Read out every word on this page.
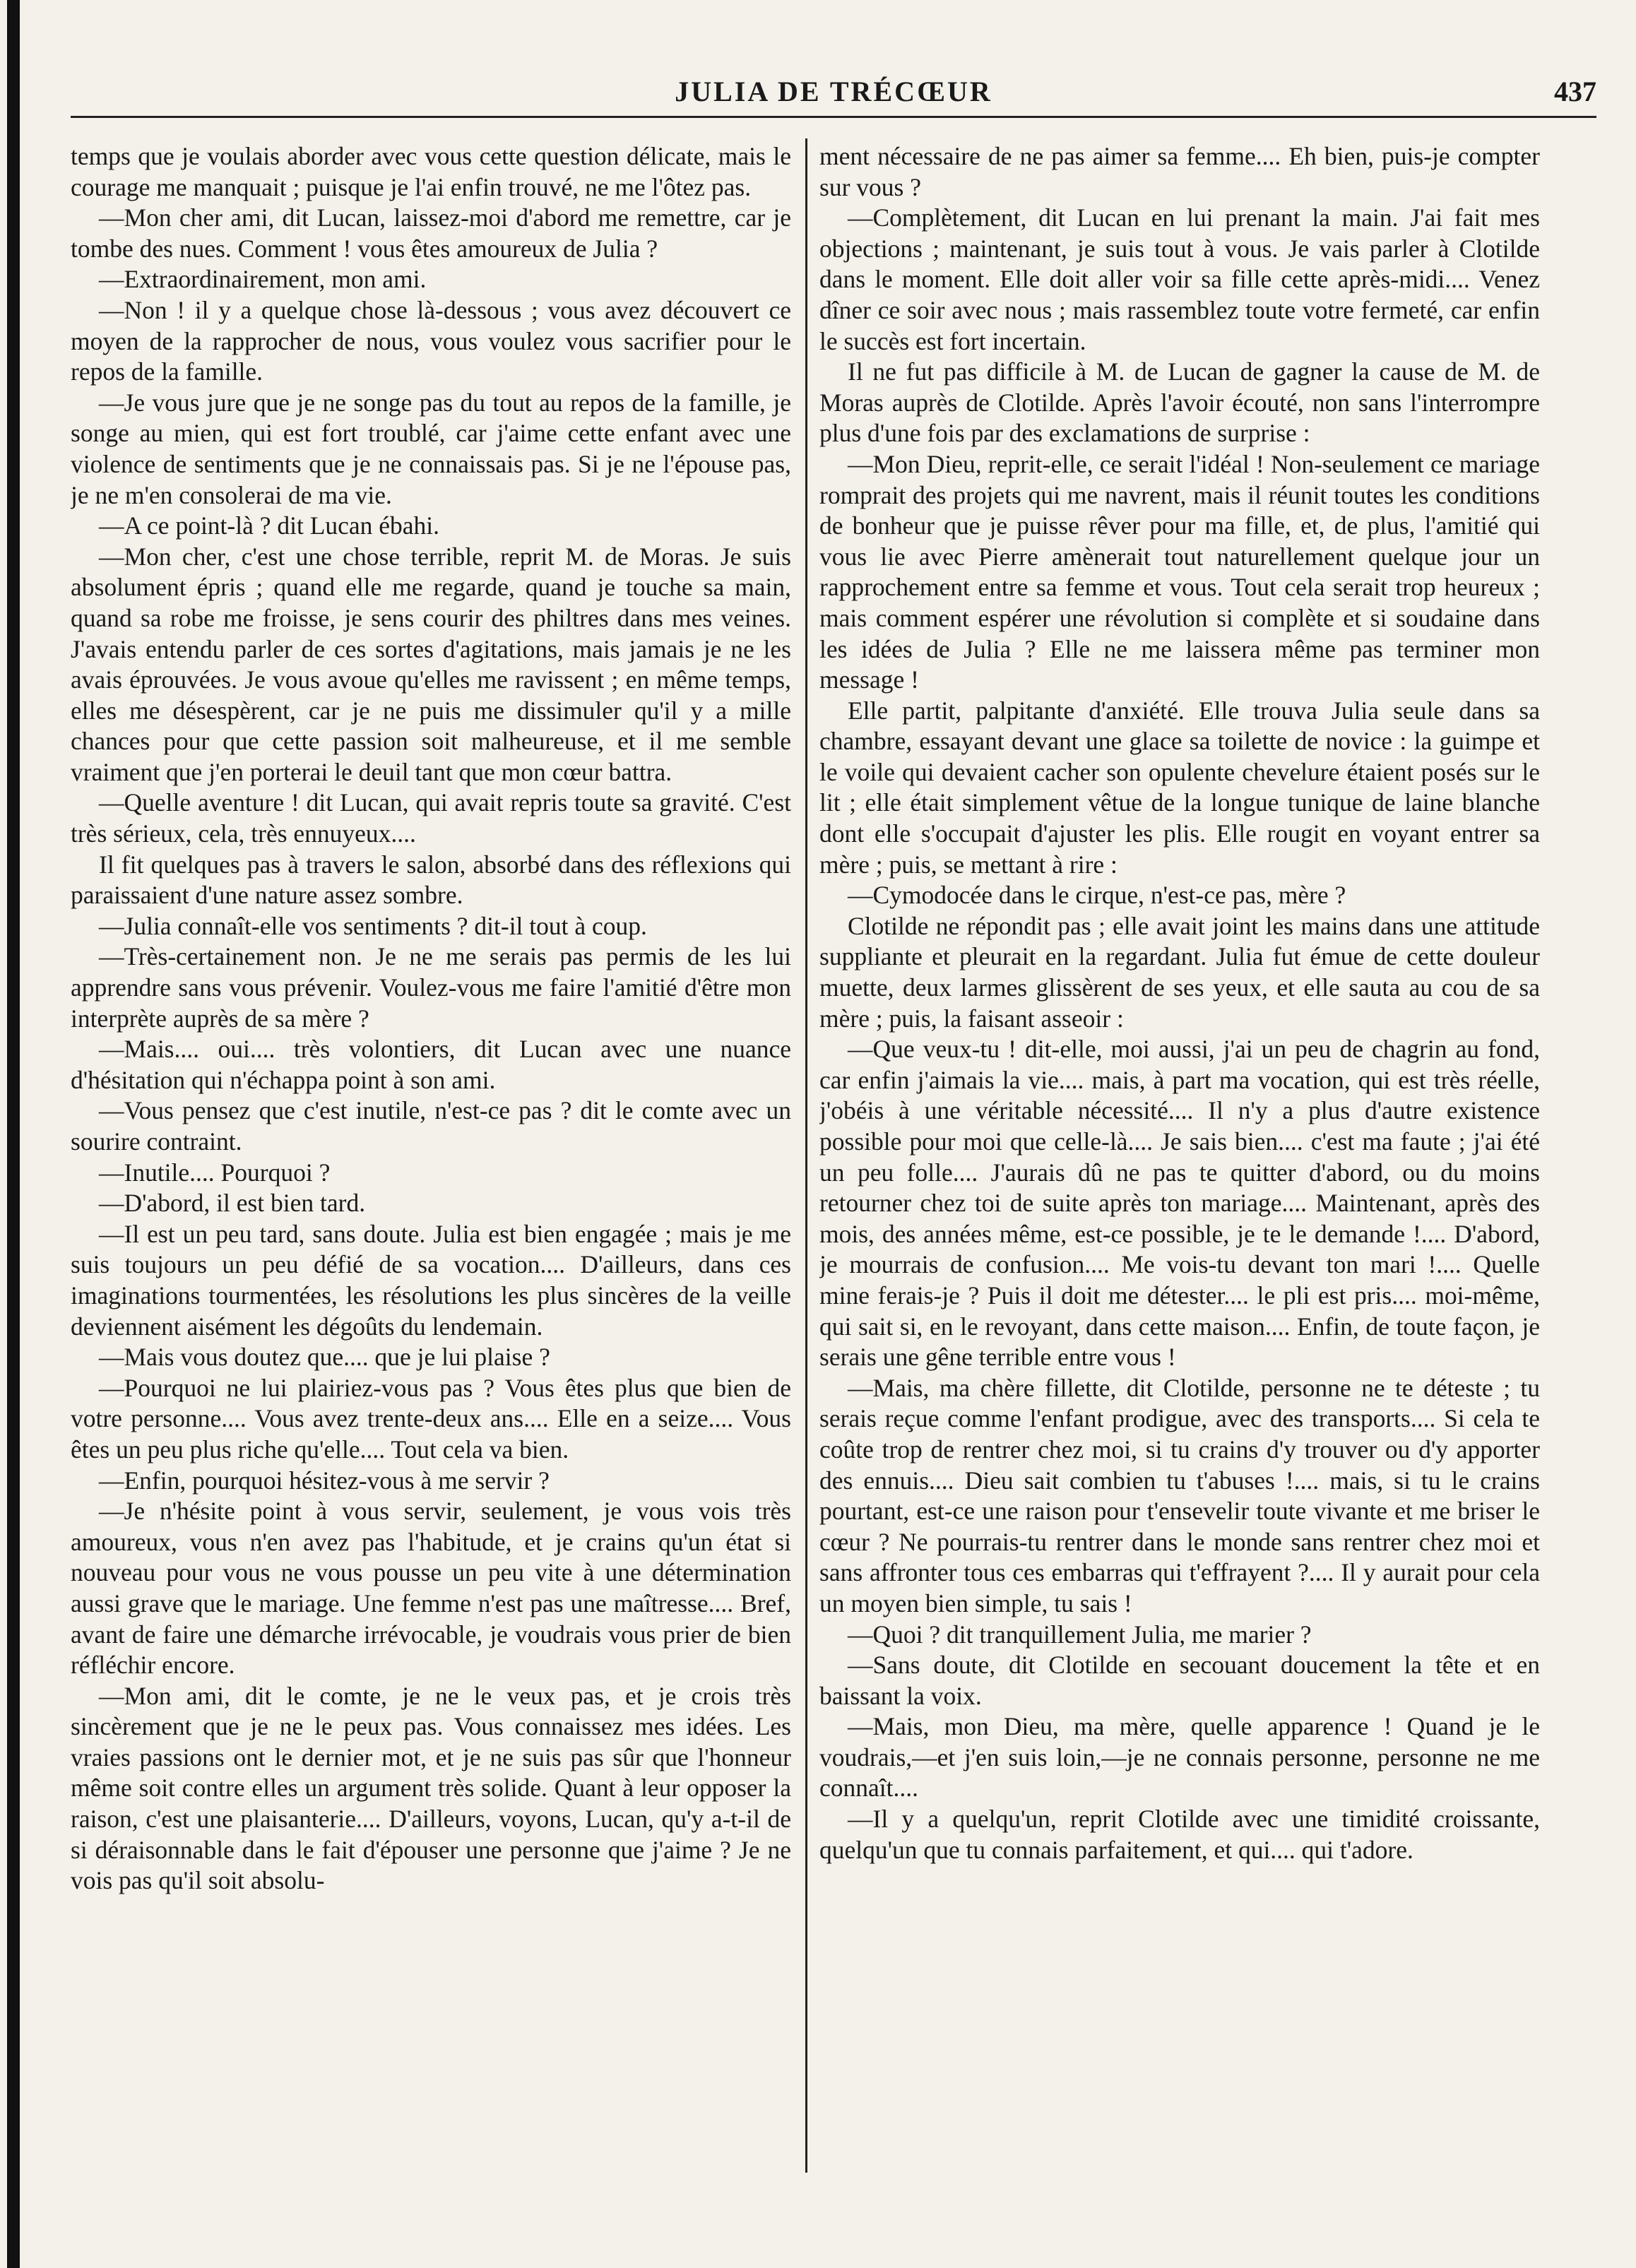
JULIA DE TRÉCŒUR	437

temps que je voulais aborder avec vous cette question délicate, mais le courage me manquait ; puisque je l'ai enfin trouvé, ne me l'ôtez pas.

—Mon cher ami, dit Lucan, laissez-moi d'abord me remettre, car je tombe des nues. Comment ! vous êtes amoureux de Julia ?

—Extraordinairement, mon ami.

—Non ! il y a quelque chose là-dessous ; vous avez découvert ce moyen de la rapprocher de nous, vous voulez vous sacrifier pour le repos de la famille.

—Je vous jure que je ne songe pas du tout au repos de la famille, je songe au mien, qui est fort troublé, car j'aime cette enfant avec une violence de sentiments que je ne connaissais pas. Si je ne l'épouse pas, je ne m'en consolerai de ma vie.

—A ce point-là ? dit Lucan ébahi.

—Mon cher, c'est une chose terrible, reprit M. de Moras. Je suis absolument épris ; quand elle me regarde, quand je touche sa main, quand sa robe me froisse, je sens courir des philtres dans mes veines. J'avais entendu parler de ces sortes d'agitations, mais jamais je ne les avais éprouvées. Je vous avoue qu'elles me ravissent ; en même temps, elles me désespèrent, car je ne puis me dissimuler qu'il y a mille chances pour que cette passion soit malheureuse, et il me semble vraiment que j'en porterai le deuil tant que mon cœur battra.

—Quelle aventure ! dit Lucan, qui avait repris toute sa gravité. C'est très sérieux, cela, très ennuyeux....

Il fit quelques pas à travers le salon, absorbé dans des réflexions qui paraissaient d'une nature assez sombre.

—Julia connaît-elle vos sentiments ? dit-il tout à coup.

—Très-certainement non. Je ne me serais pas permis de les lui apprendre sans vous prévenir. Voulez-vous me faire l'amitié d'être mon interprète auprès de sa mère ?

—Mais.... oui.... très volontiers, dit Lucan avec une nuance d'hésitation qui n'échappa point à son ami.

—Vous pensez que c'est inutile, n'est-ce pas ? dit le comte avec un sourire contraint.

—Inutile.... Pourquoi ?

—D'abord, il est bien tard.

—Il est un peu tard, sans doute. Julia est bien engagée ; mais je me suis toujours un peu défié de sa vocation.... D'ailleurs, dans ces imaginations tourmentées, les résolutions les plus sincères de la veille deviennent aisément les dégoûts du lendemain.

—Mais vous doutez que.... que je lui plaise ?

—Pourquoi ne lui plairiez-vous pas ? Vous êtes plus que bien de votre personne.... Vous avez trente-deux ans.... Elle en a seize.... Vous êtes un peu plus riche qu'elle.... Tout cela va bien.

—Enfin, pourquoi hésitez-vous à me servir ?

—Je n'hésite point à vous servir, seulement, je vous vois très amoureux, vous n'en avez pas l'habitude, et je crains qu'un état si nouveau pour vous ne vous pousse un peu vite à une détermination aussi grave que le mariage. Une femme n'est pas une maîtresse.... Bref, avant de faire une démarche irrévocable, je voudrais vous prier de bien réfléchir encore.

—Mon ami, dit le comte, je ne le veux pas, et je crois très sincèrement que je ne le peux pas. Vous connaissez mes idées. Les vraies passions ont le dernier mot, et je ne suis pas sûr que l'honneur même soit contre elles un argument très solide. Quant à leur opposer la raison, c'est une plaisanterie.... D'ailleurs, voyons, Lucan, qu'y a-t-il de si déraisonnable dans le fait d'épouser une personne que j'aime ? Je ne vois pas qu'il soit absolu-

ment nécessaire de ne pas aimer sa femme.... Eh bien, puis-je compter sur vous ?

—Complètement, dit Lucan en lui prenant la main. J'ai fait mes objections ; maintenant, je suis tout à vous. Je vais parler à Clotilde dans le moment. Elle doit aller voir sa fille cette après-midi.... Venez dîner ce soir avec nous ; mais rassemblez toute votre fermeté, car enfin le succès est fort incertain.

Il ne fut pas difficile à M. de Lucan de gagner la cause de M. de Moras auprès de Clotilde. Après l'avoir écouté, non sans l'interrompre plus d'une fois par des exclamations de surprise :

—Mon Dieu, reprit-elle, ce serait l'idéal ! Non-seulement ce mariage romprait des projets qui me navrent, mais il réunit toutes les conditions de bonheur que je puisse rêver pour ma fille, et, de plus, l'amitié qui vous lie avec Pierre amènerait tout naturellement quelque jour un rapprochement entre sa femme et vous. Tout cela serait trop heureux ; mais comment espérer une révolution si complète et si soudaine dans les idées de Julia ? Elle ne me laissera même pas terminer mon message !

Elle partit, palpitante d'anxiété. Elle trouva Julia seule dans sa chambre, essayant devant une glace sa toilette de novice : la guimpe et le voile qui devaient cacher son opulente chevelure étaient posés sur le lit ; elle était simplement vêtue de la longue tunique de laine blanche dont elle s'occupait d'ajuster les plis. Elle rougit en voyant entrer sa mère ; puis, se mettant à rire :

—Cymodocée dans le cirque, n'est-ce pas, mère ?

Clotilde ne répondit pas ; elle avait joint les mains dans une attitude suppliante et pleurait en la regardant. Julia fut émue de cette douleur muette, deux larmes glissèrent de ses yeux, et elle sauta au cou de sa mère ; puis, la faisant asseoir :

—Que veux-tu ! dit-elle, moi aussi, j'ai un peu de chagrin au fond, car enfin j'aimais la vie.... mais, à part ma vocation, qui est très réelle, j'obéis à une véritable nécessité.... Il n'y a plus d'autre existence possible pour moi que celle-là.... Je sais bien.... c'est ma faute ; j'ai été un peu folle.... J'aurais dû ne pas te quitter d'abord, ou du moins retourner chez toi de suite après ton mariage.... Maintenant, après des mois, des années même, est-ce possible, je te le demande !.... D'abord, je mourrais de confusion.... Me vois-tu devant ton mari !.... Quelle mine ferais-je ? Puis il doit me détester.... le pli est pris.... moi-même, qui sait si, en le revoyant, dans cette maison.... Enfin, de toute façon, je serais une gêne terrible entre vous !

—Mais, ma chère fillette, dit Clotilde, personne ne te déteste ; tu serais reçue comme l'enfant prodigue, avec des transports.... Si cela te coûte trop de rentrer chez moi, si tu crains d'y trouver ou d'y apporter des ennuis.... Dieu sait combien tu t'abuses !.... mais, si tu le crains pourtant, est-ce une raison pour t'ensevelir toute vivante et me briser le cœur ? Ne pourrais-tu rentrer dans le monde sans rentrer chez moi et sans affronter tous ces embarras qui t'effrayent ?.... Il y aurait pour cela un moyen bien simple, tu sais !

—Quoi ? dit tranquillement Julia, me marier ?

—Sans doute, dit Clotilde en secouant doucement la tête et en baissant la voix.

—Mais, mon Dieu, ma mère, quelle apparence ! Quand je le voudrais,—et j'en suis loin,—je ne connais personne, personne ne me connaît....

—Il y a quelqu'un, reprit Clotilde avec une timidité croissante, quelqu'un que tu connais parfaitement, et qui.... qui t'adore.
